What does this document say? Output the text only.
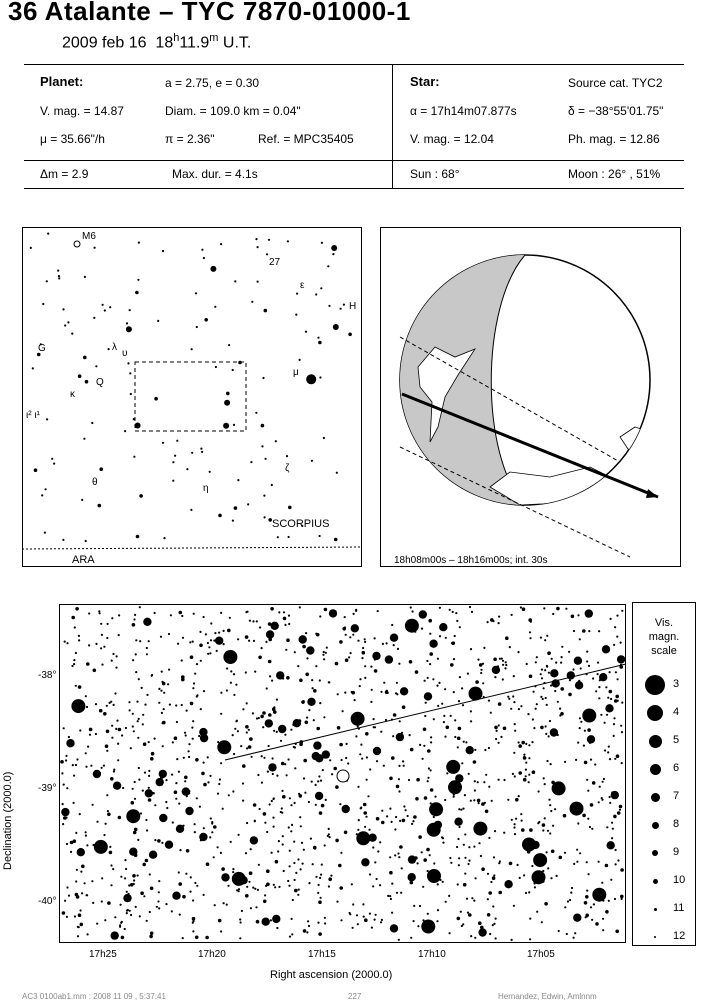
36 Atalante – TYC 7870-01000-1
2009 feb 16 18$^h$11.9$^m$ U.T.
Planet:	a = 2.75, e = 0.30
V. mag. = 14.87	Diam. = 109.0 km = 0.04"
μ = 35.66"/h	π = 2.36"	Ref. = MPC35405
Star:	Source cat. TYC2
α = 17h14m07.877s	δ = −38°55'01.75"
V. mag. = 12.04	Ph. mag. = 12.86
Δm = 2.9	Max. dur. = 4.1s	Sun : 68°	Moon : 26° , 51%
M6
27
ε
H
G	λ
υ
Q
κ
μ
ι² ι¹
ζ
θ
η
SCORPIUS
ARA	18h08m00s – 18h16m00s; int. 30s
-38°
-39°
-40°
17h25	17h20	17h15	17h10	17h05
Right ascension (2000.0)
Declination (2000.0)
Vis.
magn.
scale
3
4
5
6
7
8
9
10
11
12
AC3 0100ab1.mm : 2008 11 09 , 5:37:41	227	Hernandez, Edwin, Amlnnm
